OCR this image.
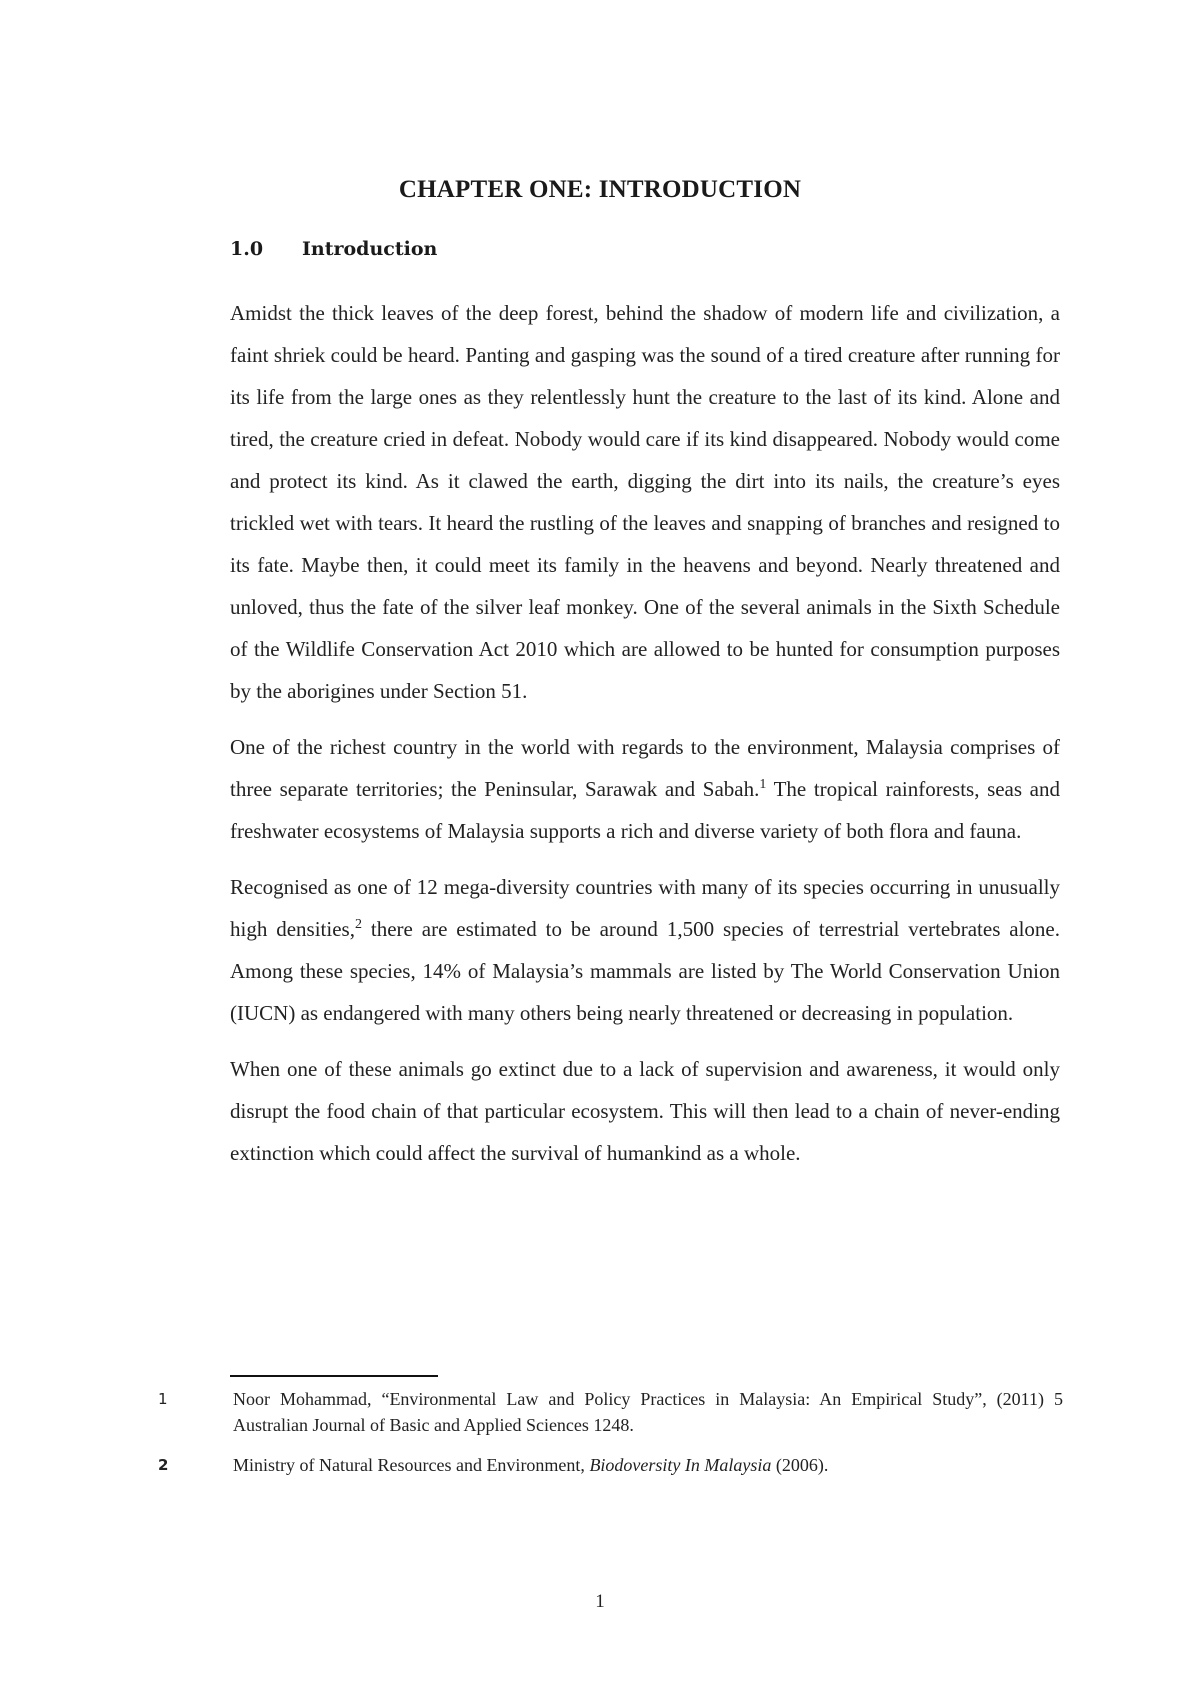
CHAPTER ONE: INTRODUCTION
1.0 Introduction

Amidst the thick leaves of the deep forest, behind the shadow of modern life and civilization, a faint shriek could be heard. Panting and gasping was the sound of a tired creature after running for its life from the large ones as they relentlessly hunt the creature to the last of its kind. Alone and tired, the creature cried in defeat. Nobody would care if its kind disappeared. Nobody would come and protect its kind. As it clawed the earth, digging the dirt into its nails, the creature’s eyes trickled wet with tears. It heard the rustling of the leaves and snapping of branches and resigned to its fate. Maybe then, it could meet its family in the heavens and beyond. Nearly threatened and unloved, thus the fate of the silver leaf monkey. One of the several animals in the Sixth Schedule of the Wildlife Conservation Act 2010 which are allowed to be hunted for consumption purposes by the aborigines under Section 51.

One of the richest country in the world with regards to the environment, Malaysia comprises of three separate territories; the Peninsular, Sarawak and Sabah.$^1$ The tropical rainforests, seas and freshwater ecosystems of Malaysia supports a rich and diverse variety of both flora and fauna.

Recognised as one of 12 mega-diversity countries with many of its species occurring in unusually high densities,$^2$ there are estimated to be around 1,500 species of terrestrial vertebrates alone. Among these species, 14% of Malaysia’s mammals are listed by The World Conservation Union (IUCN) as endangered with many others being nearly threatened or decreasing in population.

When one of these animals go extinct due to a lack of supervision and awareness, it would only disrupt the food chain of that particular ecosystem. This will then lead to a chain of never-ending extinction which could affect the survival of humankind as a whole.

1	Noor Mohammad, “Environmental Law and Policy Practices in Malaysia: An Empirical Study”, (2011) 5 Australian Journal of Basic and Applied Sciences 1248.
2	Ministry of Natural Resources and Environment, Biodoversity In Malaysia (2006).
1
